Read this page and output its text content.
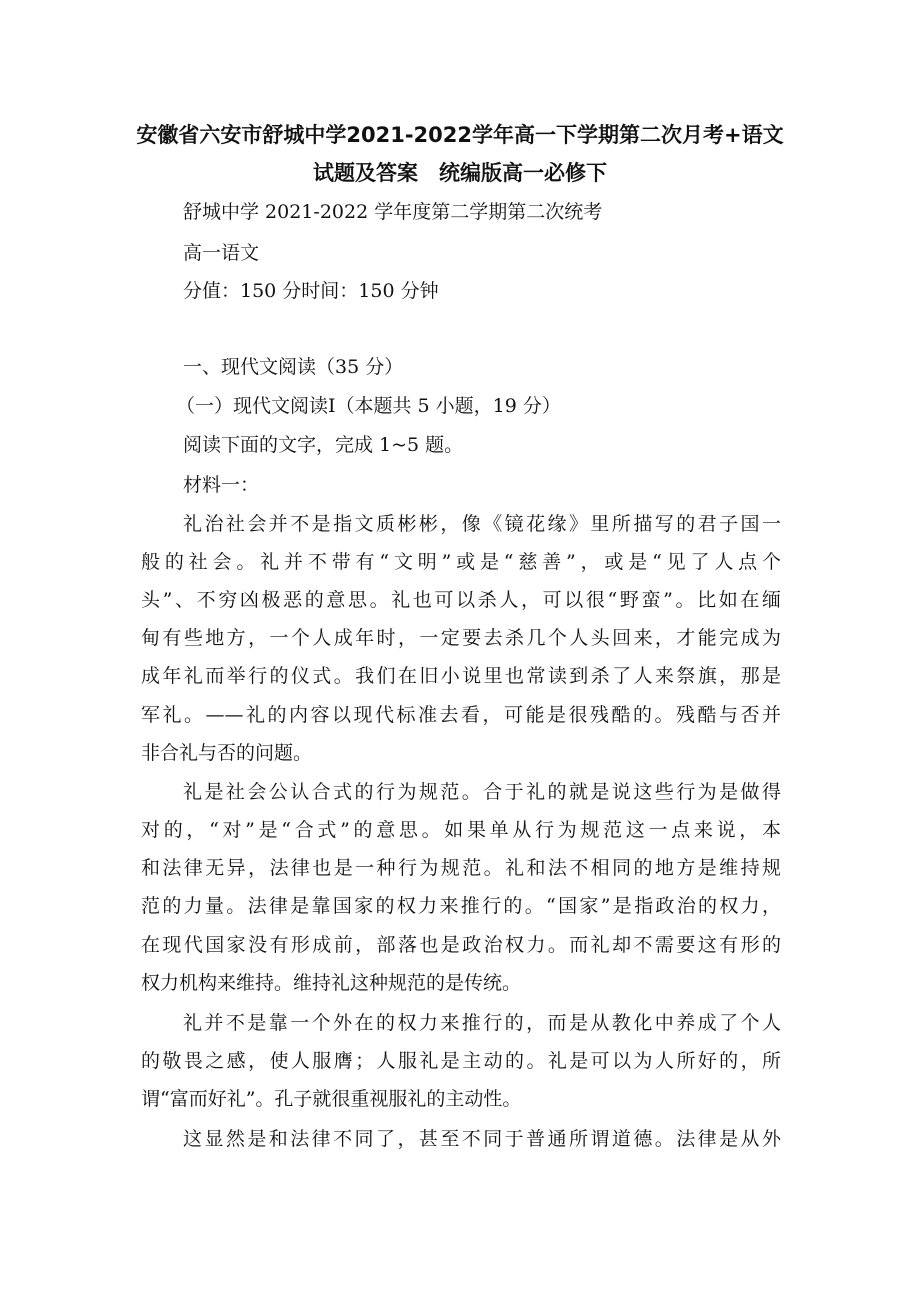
安徽省六安市舒城中学2021-2022学年高一下学期第二次月考+语文
试题及答案　统编版高一必修下
舒城中学 2021-2022 学年度第二学期第二次统考
高一语文
分值：150 分时间：150 分钟
一、现代文阅读（35 分）
（一）现代文阅读Ⅰ（本题共 5 小题，19 分）
阅读下面的文字，完成 1~5 题。
材料一：
礼治社会并不是指文质彬彬，像《镜花缘》里所描写的君子国一
般的社会。礼并不带有“文明”或是“慈善”，或是“见了人点个
头”、不穷凶极恶的意思。礼也可以杀人，可以很“野蛮”。比如在缅
甸有些地方，一个人成年时，一定要去杀几个人头回来，才能完成为
成年礼而举行的仪式。我们在旧小说里也常读到杀了人来祭旗，那是
军礼。——礼的内容以现代标准去看，可能是很残酷的。残酷与否并
非合礼与否的问题。
礼是社会公认合式的行为规范。合于礼的就是说这些行为是做得
对的，“对”是“合式”的意思。如果单从行为规范这一点来说，本
和法律无异，法律也是一种行为规范。礼和法不相同的地方是维持规
范的力量。法律是靠国家的权力来推行的。“国家”是指政治的权力，
在现代国家没有形成前，部落也是政治权力。而礼却不需要这有形的
权力机构来维持。维持礼这种规范的是传统。
礼并不是靠一个外在的权力来推行的，而是从教化中养成了个人
的敬畏之感，使人服膺；人服礼是主动的。礼是可以为人所好的，所
谓“富而好礼”。孔子就很重视服礼的主动性。
这显然是和法律不同了，甚至不同于普通所谓道德。法律是从外
